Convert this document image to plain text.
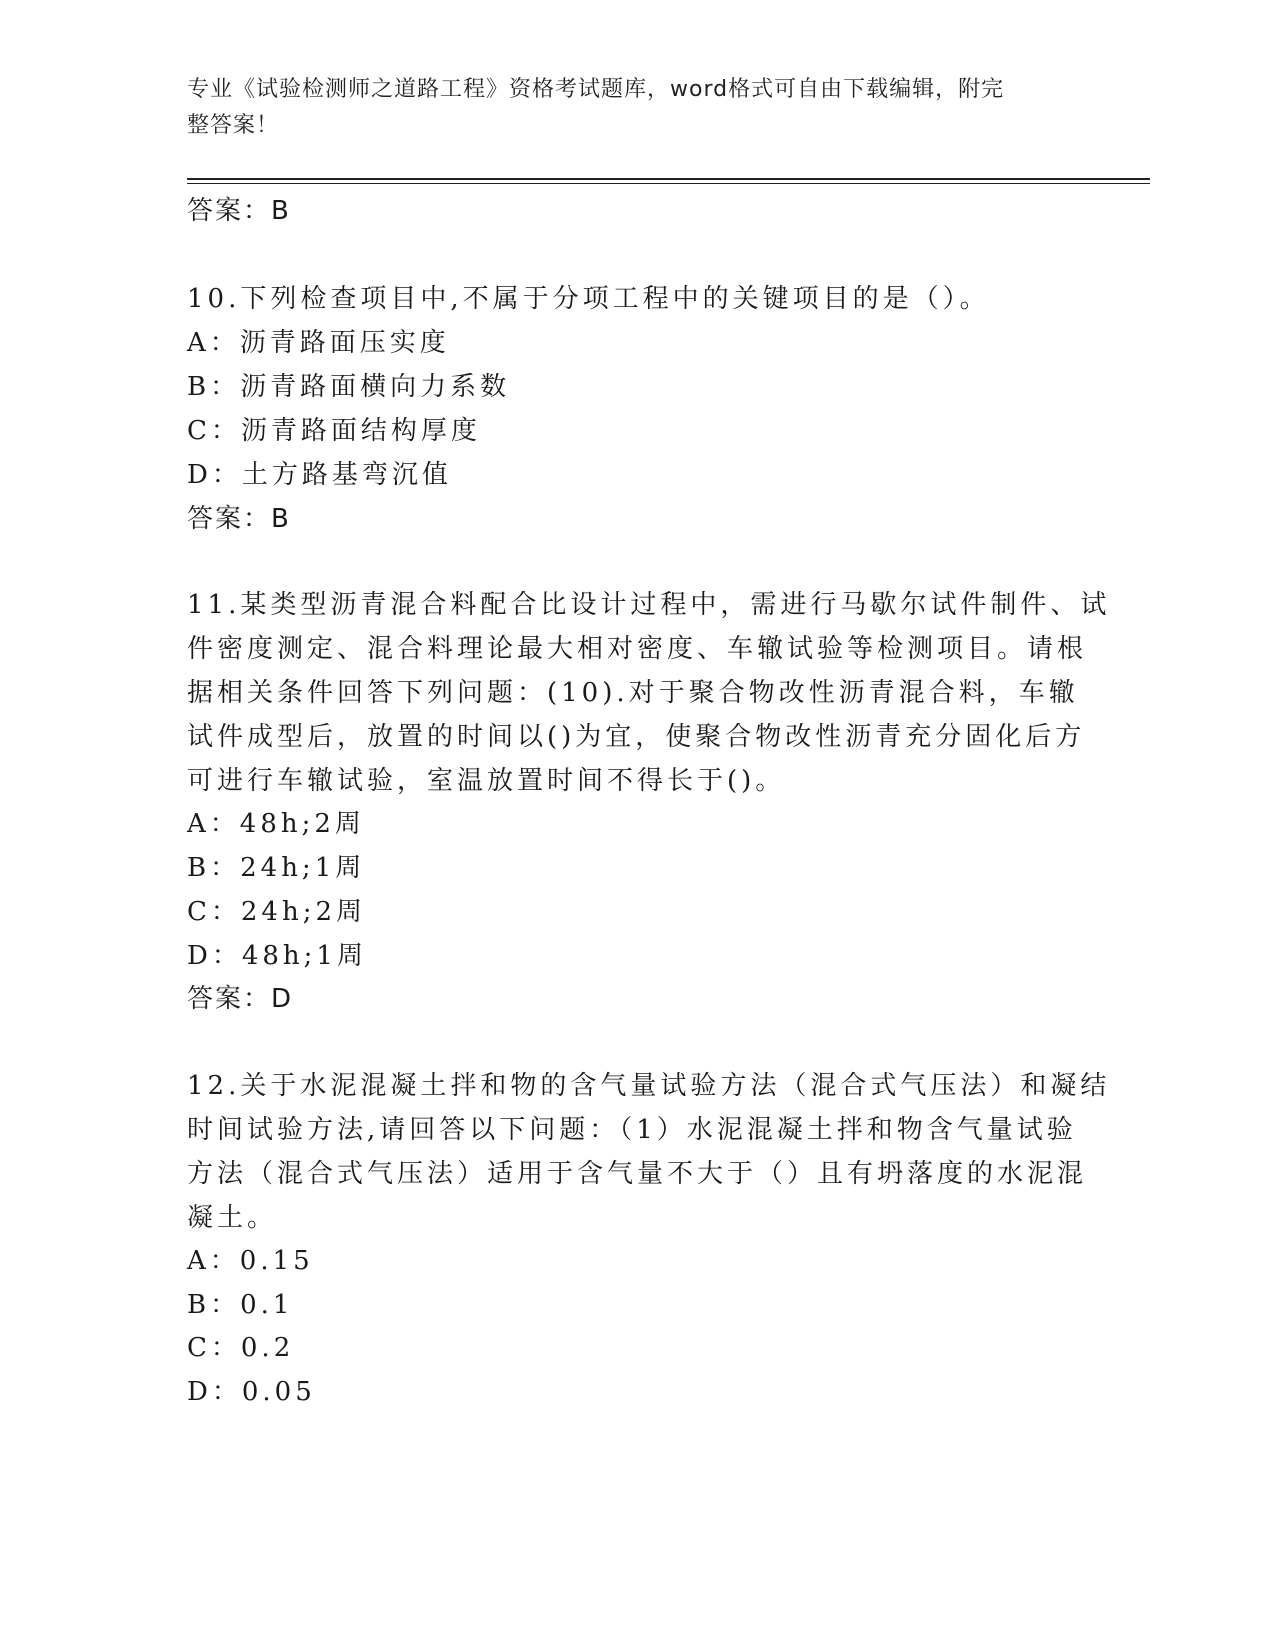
专业《试验检测师之道路工程》资格考试题库，word格式可自由下载编辑，附完
整答案！
答案：B
10.下列检查项目中,不属于分项工程中的关键项目的是（）。
A：沥青路面压实度
B：沥青路面横向力系数
C：沥青路面结构厚度
D：土方路基弯沉值
答案：B
11.某类型沥青混合料配合比设计过程中，需进行马歇尔试件制件、试
件密度测定、混合料理论最大相对密度、车辙试验等检测项目。请根
据相关条件回答下列问题：(10).对于聚合物改性沥青混合料，车辙
试件成型后，放置的时间以()为宜，使聚合物改性沥青充分固化后方
可进行车辙试验，室温放置时间不得长于()。
A：48h;2周
B：24h;1周
C：24h;2周
D：48h;1周
答案：D
12.关于水泥混凝土拌和物的含气量试验方法（混合式气压法）和凝结
时间试验方法,请回答以下问题：（1）水泥混凝土拌和物含气量试验
方法（混合式气压法）适用于含气量不大于（）且有坍落度的水泥混
凝土。
A：0.15
B：0.1
C：0.2
D：0.05
